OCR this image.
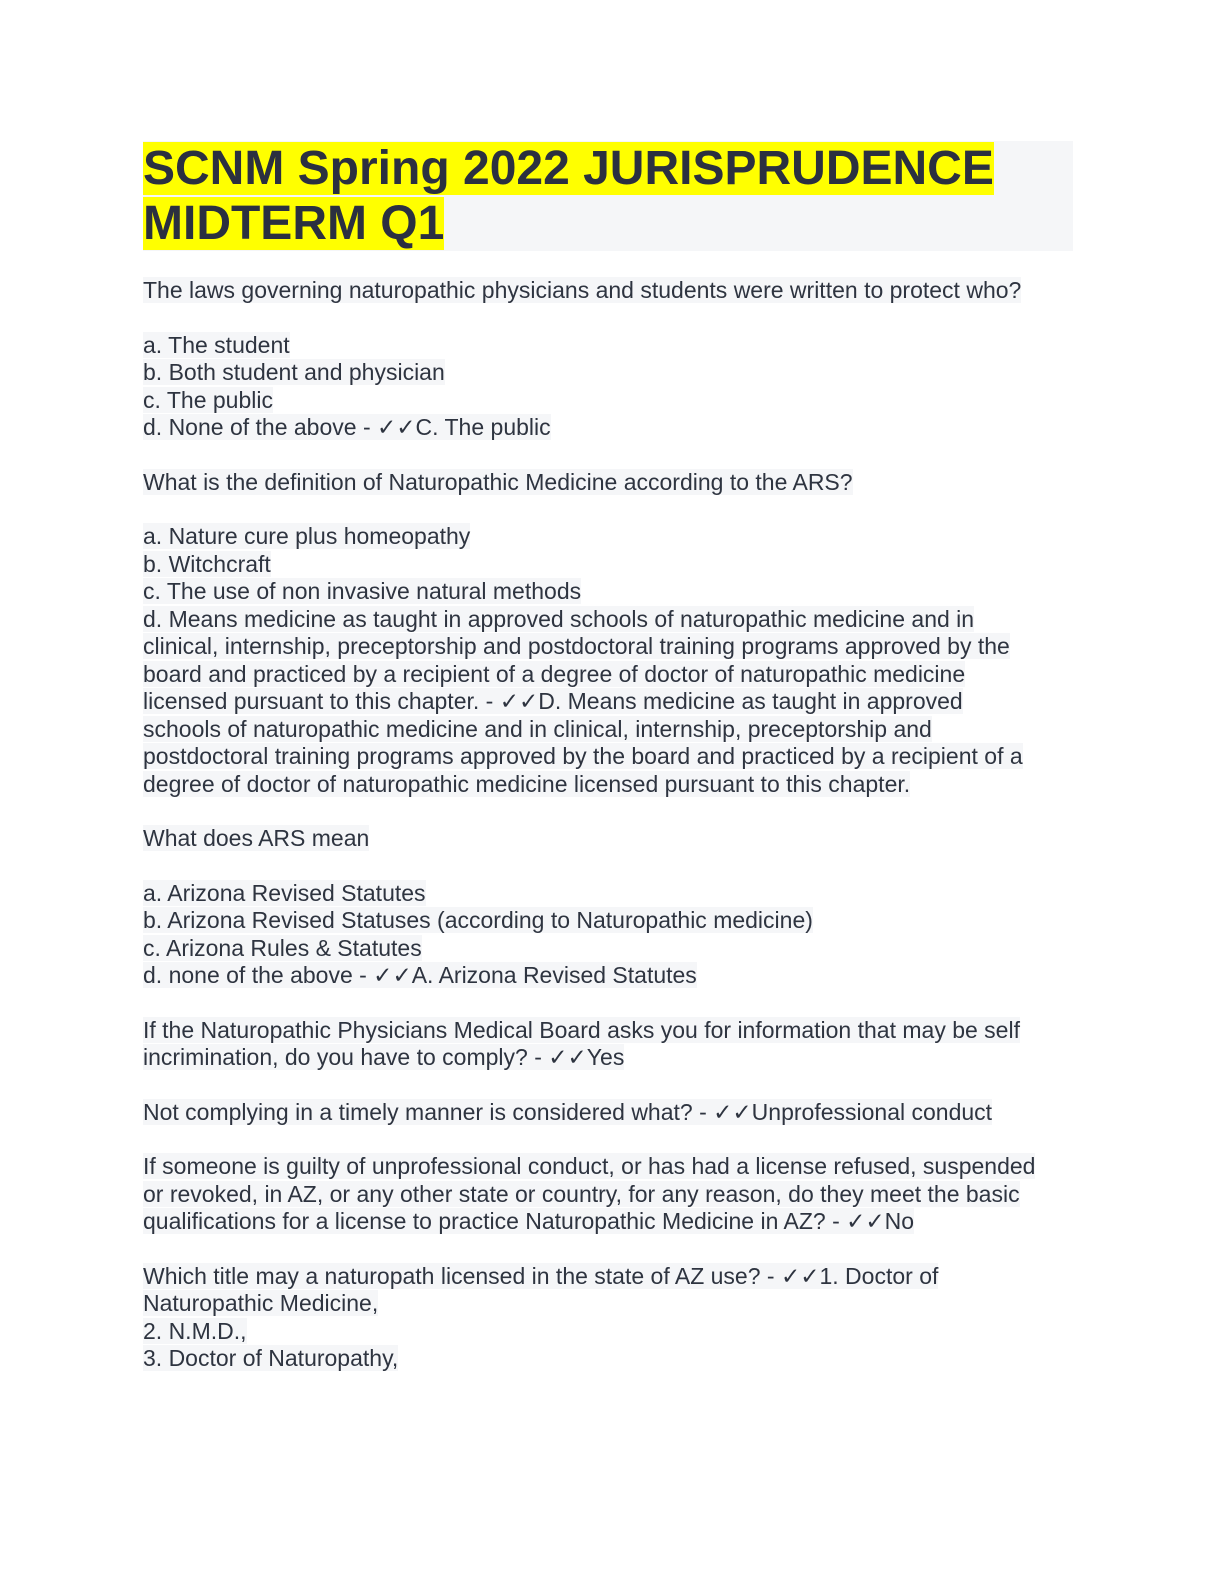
SCNM Spring 2022 JURISPRUDENCE MIDTERM Q1
The laws governing naturopathic physicians and students were written to protect who?
a. The student
b. Both student and physician
c. The public
d. None of the above - ✓✓C. The public
What is the definition of Naturopathic Medicine according to the ARS?
a. Nature cure plus homeopathy
b. Witchcraft
c. The use of non invasive natural methods
d. Means medicine as taught in approved schools of naturopathic medicine and in
clinical, internship, preceptorship and postdoctoral training programs approved by the
board and practiced by a recipient of a degree of doctor of naturopathic medicine
licensed pursuant to this chapter. - ✓✓D. Means medicine as taught in approved
schools of naturopathic medicine and in clinical, internship, preceptorship and
postdoctoral training programs approved by the board and practiced by a recipient of a
degree of doctor of naturopathic medicine licensed pursuant to this chapter.
What does ARS mean
a. Arizona Revised Statutes
b. Arizona Revised Statuses (according to Naturopathic medicine)
c. Arizona Rules & Statutes
d. none of the above - ✓✓A. Arizona Revised Statutes
If the Naturopathic Physicians Medical Board asks you for information that may be self
incrimination, do you have to comply? - ✓✓Yes
Not complying in a timely manner is considered what? - ✓✓Unprofessional conduct
If someone is guilty of unprofessional conduct, or has had a license refused, suspended
or revoked, in AZ, or any other state or country, for any reason, do they meet the basic
qualifications for a license to practice Naturopathic Medicine in AZ? - ✓✓No
Which title may a naturopath licensed in the state of AZ use? - ✓✓1. Doctor of
Naturopathic Medicine,
2. N.M.D.,
3. Doctor of Naturopathy,
